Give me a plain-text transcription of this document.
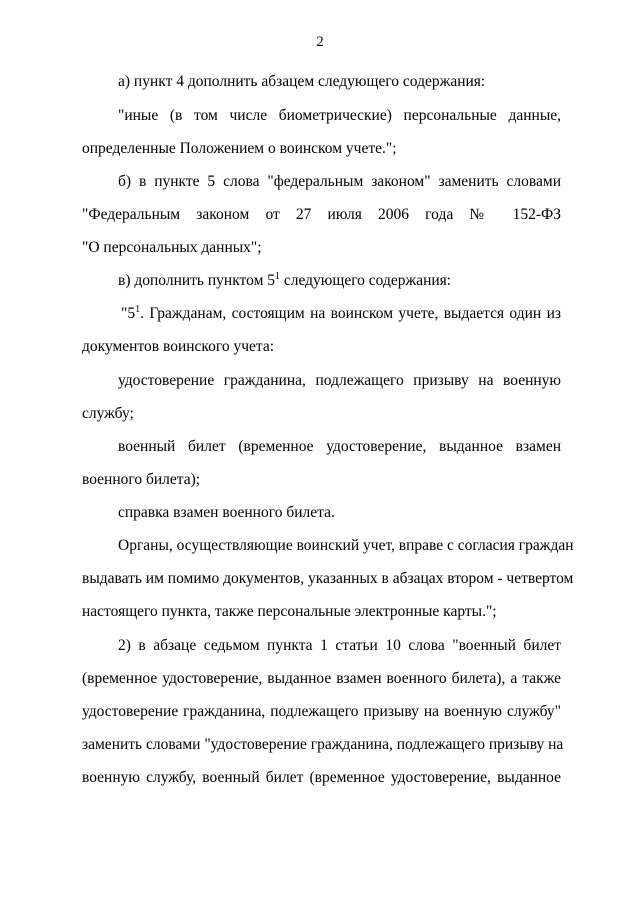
2
а) пункт 4 дополнить абзацем следующего содержания:
"иные (в том числе биометрические) персональные данные,
определенные Положением о воинском учете.";
б) в пункте 5 слова "федеральным законом" заменить словами
"Федеральным законом от 27 июля 2006 года № 152-ФЗ
"О персональных данных";
в) дополнить пунктом $5^1$ следующего содержания:
"$5^1$. Гражданам, состоящим на воинском учете, выдается один из
документов воинского учета:
удостоверение гражданина, подлежащего призыву на военную
службу;
военный билет (временное удостоверение, выданное взамен
военного билета);
справка взамен военного билета.
Органы, осуществляющие воинский учет, вправе с согласия граждан
выдавать им помимо документов, указанных в абзацах втором - четвертом
настоящего пункта, также персональные электронные карты.";
2) в абзаце седьмом пункта 1 статьи 10 слова "военный билет
(временное удостоверение, выданное взамен военного билета), а также
удостоверение гражданина, подлежащего призыву на военную службу"
заменить словами "удостоверение гражданина, подлежащего призыву на
военную службу, военный билет (временное удостоверение, выданное
